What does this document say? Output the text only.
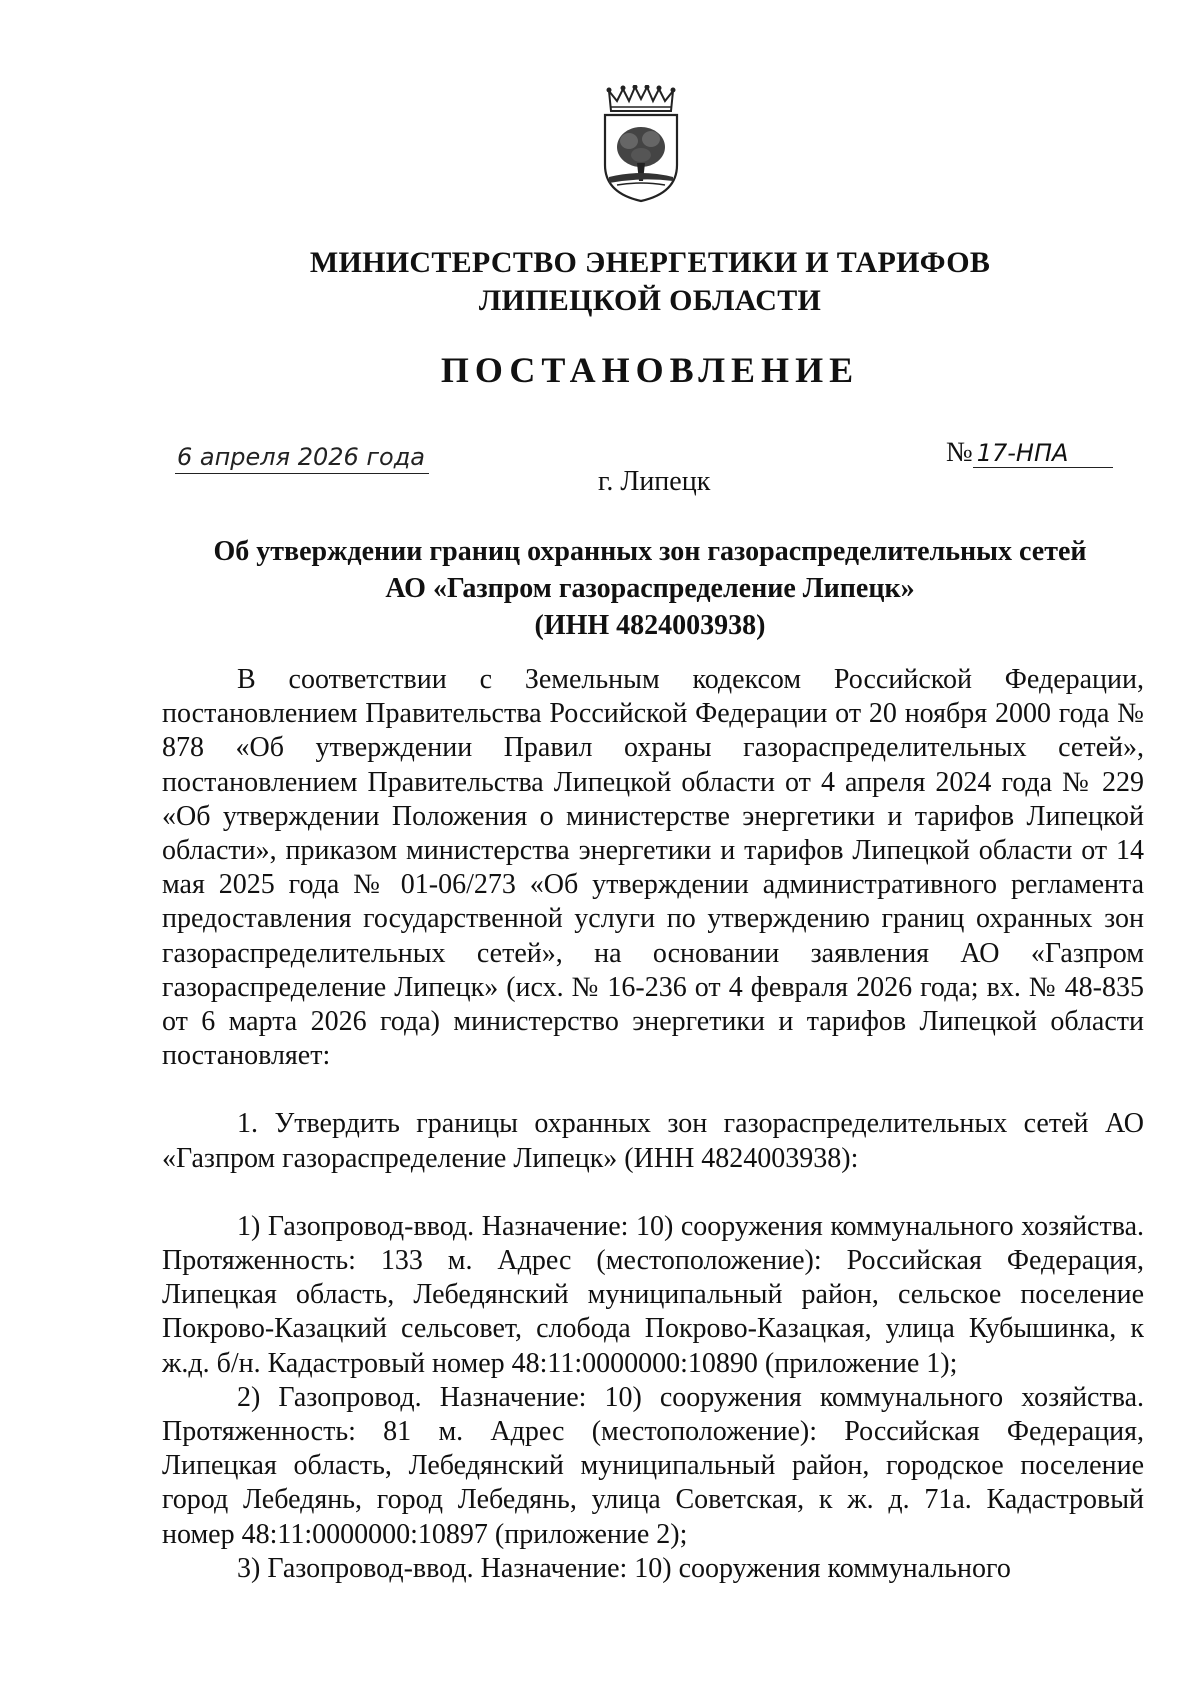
МИНИСТЕРСТВО ЭНЕРГЕТИКИ И ТАРИФОВ
ЛИПЕЦКОЙ ОБЛАСТИ
ПОСТАНОВЛЕНИЕ
6 апреля 2026 года	№ 17-НПА
г. Липецк
Об утверждении границ охранных зон газораспределительных сетей
АО «Газпром газораспределение Липецк»
(ИНН 4824003938)

В соответствии с Земельным кодексом Российской Федерации, постановлением Правительства Российской Федерации от 20 ноября 2000 года № 878 «Об утверждении Правил охраны газораспределительных сетей», постановлением Правительства Липецкой области от 4 апреля 2024 года № 229 «Об утверждении Положения о министерстве энергетики и тарифов Липецкой области», приказом министерства энергетики и тарифов Липецкой области от 14 мая 2025 года № 01-06/273 «Об утверждении административного регламента предоставления государственной услуги по утверждению границ охранных зон газораспределительных сетей», на основании заявления АО «Газпром газораспределение Липецк» (исх. № 16-236 от 4 февраля 2026 года; вх. № 48-835 от 6 марта 2026 года) министерство энергетики и тарифов Липецкой области постановляет:

1. Утвердить границы охранных зон газораспределительных сетей АО «Газпром газораспределение Липецк» (ИНН 4824003938):

1) Газопровод-ввод. Назначение: 10) сооружения коммунального хозяйства. Протяженность: 133 м. Адрес (местоположение): Российская Федерация, Липецкая область, Лебедянский муниципальный район, сельское поселение Покрово-Казацкий сельсовет, слобода Покрово-Казацкая, улица Кубышинка, к ж.д. б/н. Кадастровый номер 48:11:0000000:10890 (приложение 1);

2) Газопровод. Назначение: 10) сооружения коммунального хозяйства. Протяженность: 81 м. Адрес (местоположение): Российская Федерация, Липецкая область, Лебедянский муниципальный район, городское поселение город Лебедянь, город Лебедянь, улица Советская, к ж. д. 71а. Кадастровый номер 48:11:0000000:10897 (приложение 2);

3) Газопровод-ввод. Назначение: 10) сооружения коммунального
